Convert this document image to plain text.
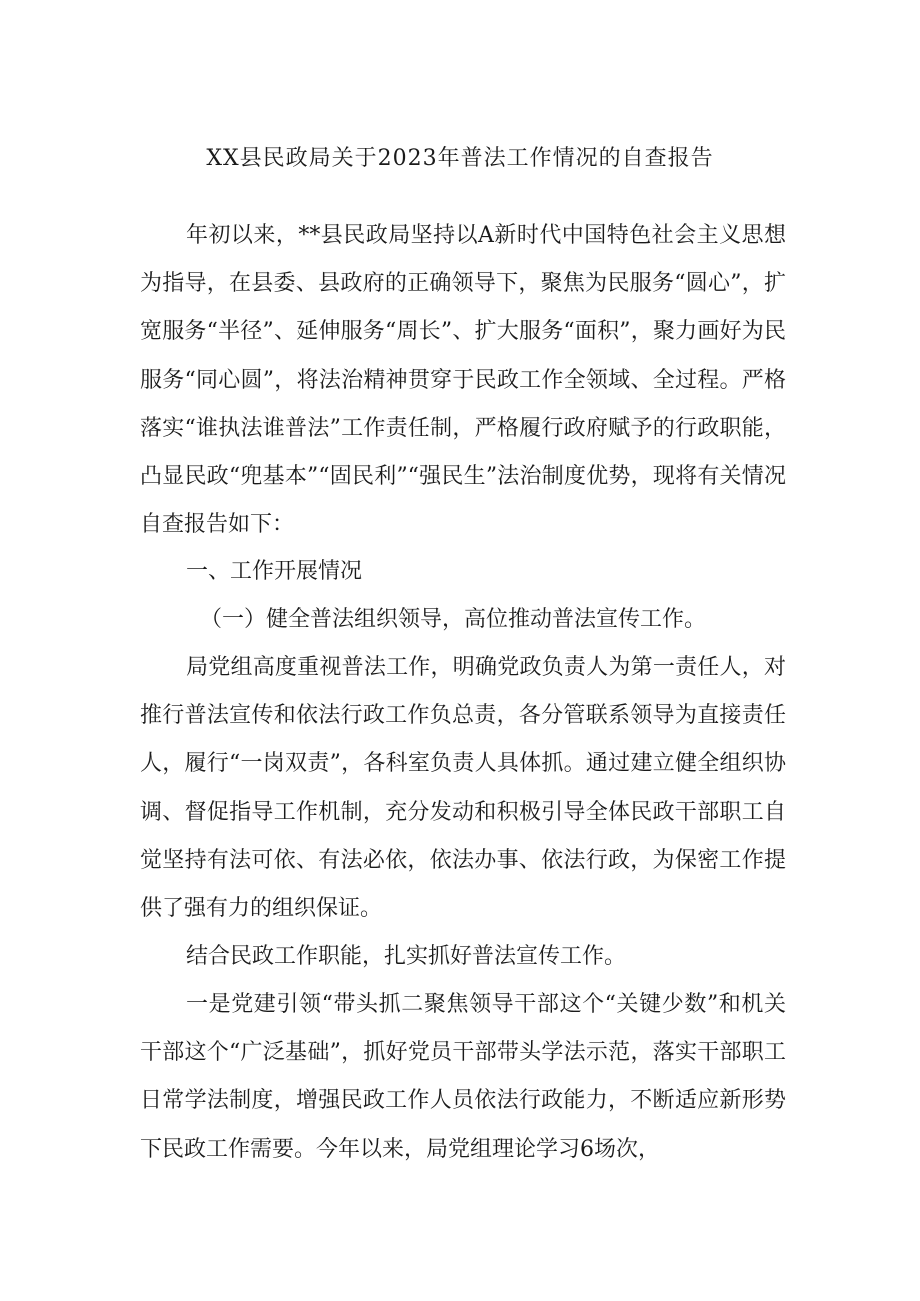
XX县民政局关于2023年普法工作情况的自查报告

年初以来，**县民政局坚持以A新时代中国特色社会主义思想为指导，在县委、县政府的正确领导下，聚焦为民服务“圆心”，扩宽服务“半径”、延伸服务“周长”、扩大服务“面积”，聚力画好为民服务“同心圆”，将法治精神贯穿于民政工作全领域、全过程。严格落实“谁执法谁普法”工作责任制，严格履行政府赋予的行政职能，凸显民政“兜基本”“固民利”“强民生”法治制度优势，现将有关情况自查报告如下：

一、工作开展情况

（一）健全普法组织领导，高位推动普法宣传工作。

局党组高度重视普法工作，明确党政负责人为第一责任人，对推行普法宣传和依法行政工作负总责，各分管联系领导为直接责任人，履行“一岗双责”，各科室负责人具体抓。通过建立健全组织协调、督促指导工作机制，充分发动和积极引导全体民政干部职工自觉坚持有法可依、有法必依，依法办事、依法行政，为保密工作提供了强有力的组织保证。

结合民政工作职能，扎实抓好普法宣传工作。

一是党建引领“带头抓二聚焦领导干部这个“关键少数”和机关干部这个“广泛基础”，抓好党员干部带头学法示范，落实干部职工日常学法制度，增强民政工作人员依法行政能力，不断适应新形势下民政工作需要。今年以来，局党组理论学习6场次，
